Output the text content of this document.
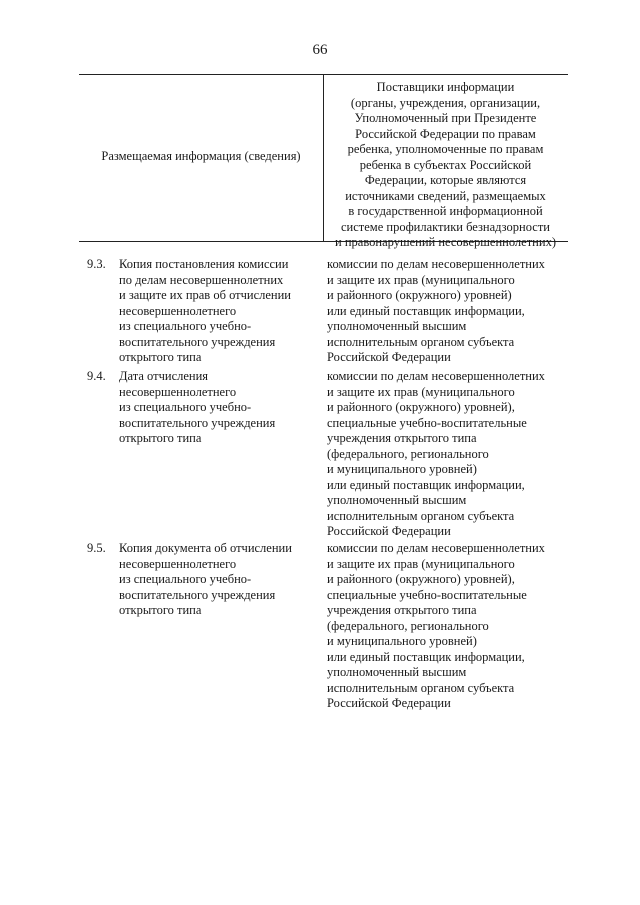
66
Размещаемая информация (сведения)
Поставщики информации
(органы, учреждения, организации,
Уполномоченный при Президенте
Российской Федерации по правам
ребенка, уполномоченные по правам
ребенка в субъектах Российской
Федерации, которые являются
источниками сведений, размещаемых
в государственной информационной
системе профилактики безнадзорности
и правонарушений несовершеннолетних)
9.3. Копия постановления комиссии
по делам несовершеннолетних
и защите их прав об отчислении
несовершеннолетнего
из специального учебно-
воспитательного учреждения
открытого типа
комиссии по делам несовершеннолетних
и защите их прав (муниципального
и районного (окружного) уровней)
или единый поставщик информации,
уполномоченный высшим
исполнительным органом субъекта
Российской Федерации
9.4. Дата отчисления
несовершеннолетнего
из специального учебно-
воспитательного учреждения
открытого типа
комиссии по делам несовершеннолетних
и защите их прав (муниципального
и районного (окружного) уровней),
специальные учебно-воспитательные
учреждения открытого типа
(федерального, регионального
и муниципального уровней)
или единый поставщик информации,
уполномоченный высшим
исполнительным органом субъекта
Российской Федерации
9.5. Копия документа об отчислении
несовершеннолетнего
из специального учебно-
воспитательного учреждения
открытого типа
комиссии по делам несовершеннолетних
и защите их прав (муниципального
и районного (окружного) уровней),
специальные учебно-воспитательные
учреждения открытого типа
(федерального, регионального
и муниципального уровней)
или единый поставщик информации,
уполномоченный высшим
исполнительным органом субъекта
Российской Федерации
